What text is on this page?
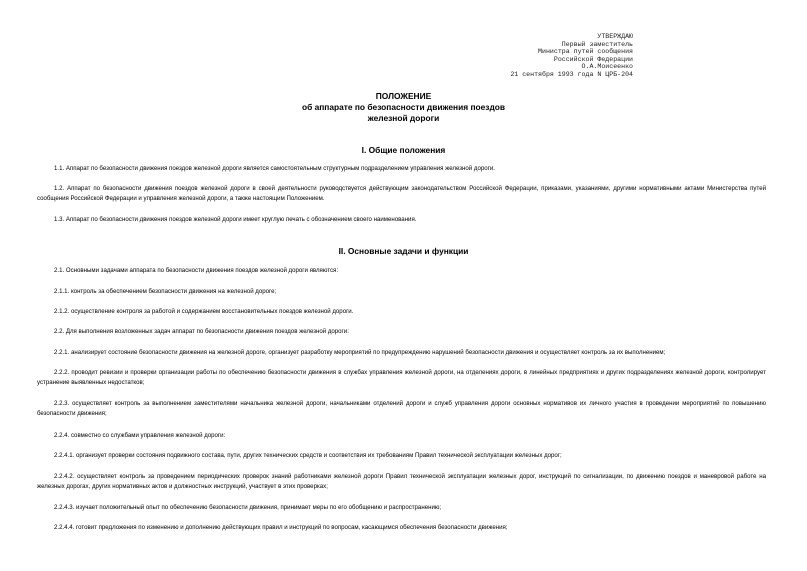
УТВЕРЖДАЮ
Первый заместитель
Министра путей сообщения
Российской Федерации
О.А.Моисеенко
21 сентября 1993 года N ЦРБ-204
ПОЛОЖЕНИЕ
об аппарате по безопасности движения поездов
железной дороги
I. Общие положения
1.1. Аппарат по безопасности движения поездов железной дороги является самостоятельным структурным подразделением управления железной дороги.
1.2. Аппарат по безопасности движения поездов железной дороги в своей деятельности руководствуется действующим законодательством Российской Федерации, приказами, указаниями, другими нормативными актами Министерства путей сообщения Российской Федерации и управления железной дороги, а также настоящим Положением.
1.3. Аппарат по безопасности движения поездов железной дороги имеет круглую печать с обозначением своего наименования.
II. Основные задачи и функции
2.1. Основными задачами аппарата по безопасности движения поездов железной дороги являются:
2.1.1. контроль за обеспечением безопасности движения на железной дороге;
2.1.2. осуществление контроля за работой и содержанием восстановительных поездов железной дороги.
2.2. Для выполнения возложенных задач аппарат по безопасности движения поездов железной дороги:
2.2.1. анализирует состояние безопасности движения на железной дороге, организует разработку мероприятий по предупреждению нарушений безопасности движения и осуществляет контроль за их выполнением;
2.2.2. проводит ревизии и проверки организации работы по обеспечению безопасности движения в службах управления железной дороги, на отделениях дороги, в линейных предприятиях и других подразделениях железной дороги, контролирует устранение выявленных недостатков;
2.2.3. осуществляет контроль за выполнением заместителями начальника железной дороги, начальниками отделений дороги и служб управления дороги основных нормативов их личного участия в проведении мероприятий по повышению безопасности движения;
2.2.4. совместно со службами управления железной дороги:
2.2.4.1. организует проверки состояния подвижного состава, пути, других технических средств и соответствия их требованиям Правил технической эксплуатации железных дорог;
2.2.4.2. осуществляет контроль за проведением периодических проверок знаний работниками железной дороги Правил технической эксплуатации железных дорог, инструкций по сигнализации, по движению поездов и маневровой работе на железных дорогах, других нормативных актов и должностных инструкций, участвует в этих проверках;
2.2.4.3. изучает положительный опыт по обеспечению безопасности движения, принимает меры по его обобщению и распространению;
2.2.4.4. готовит предложения по изменению и дополнению действующих правил и инструкций по вопросам, касающимся обеспечения безопасности движения;
